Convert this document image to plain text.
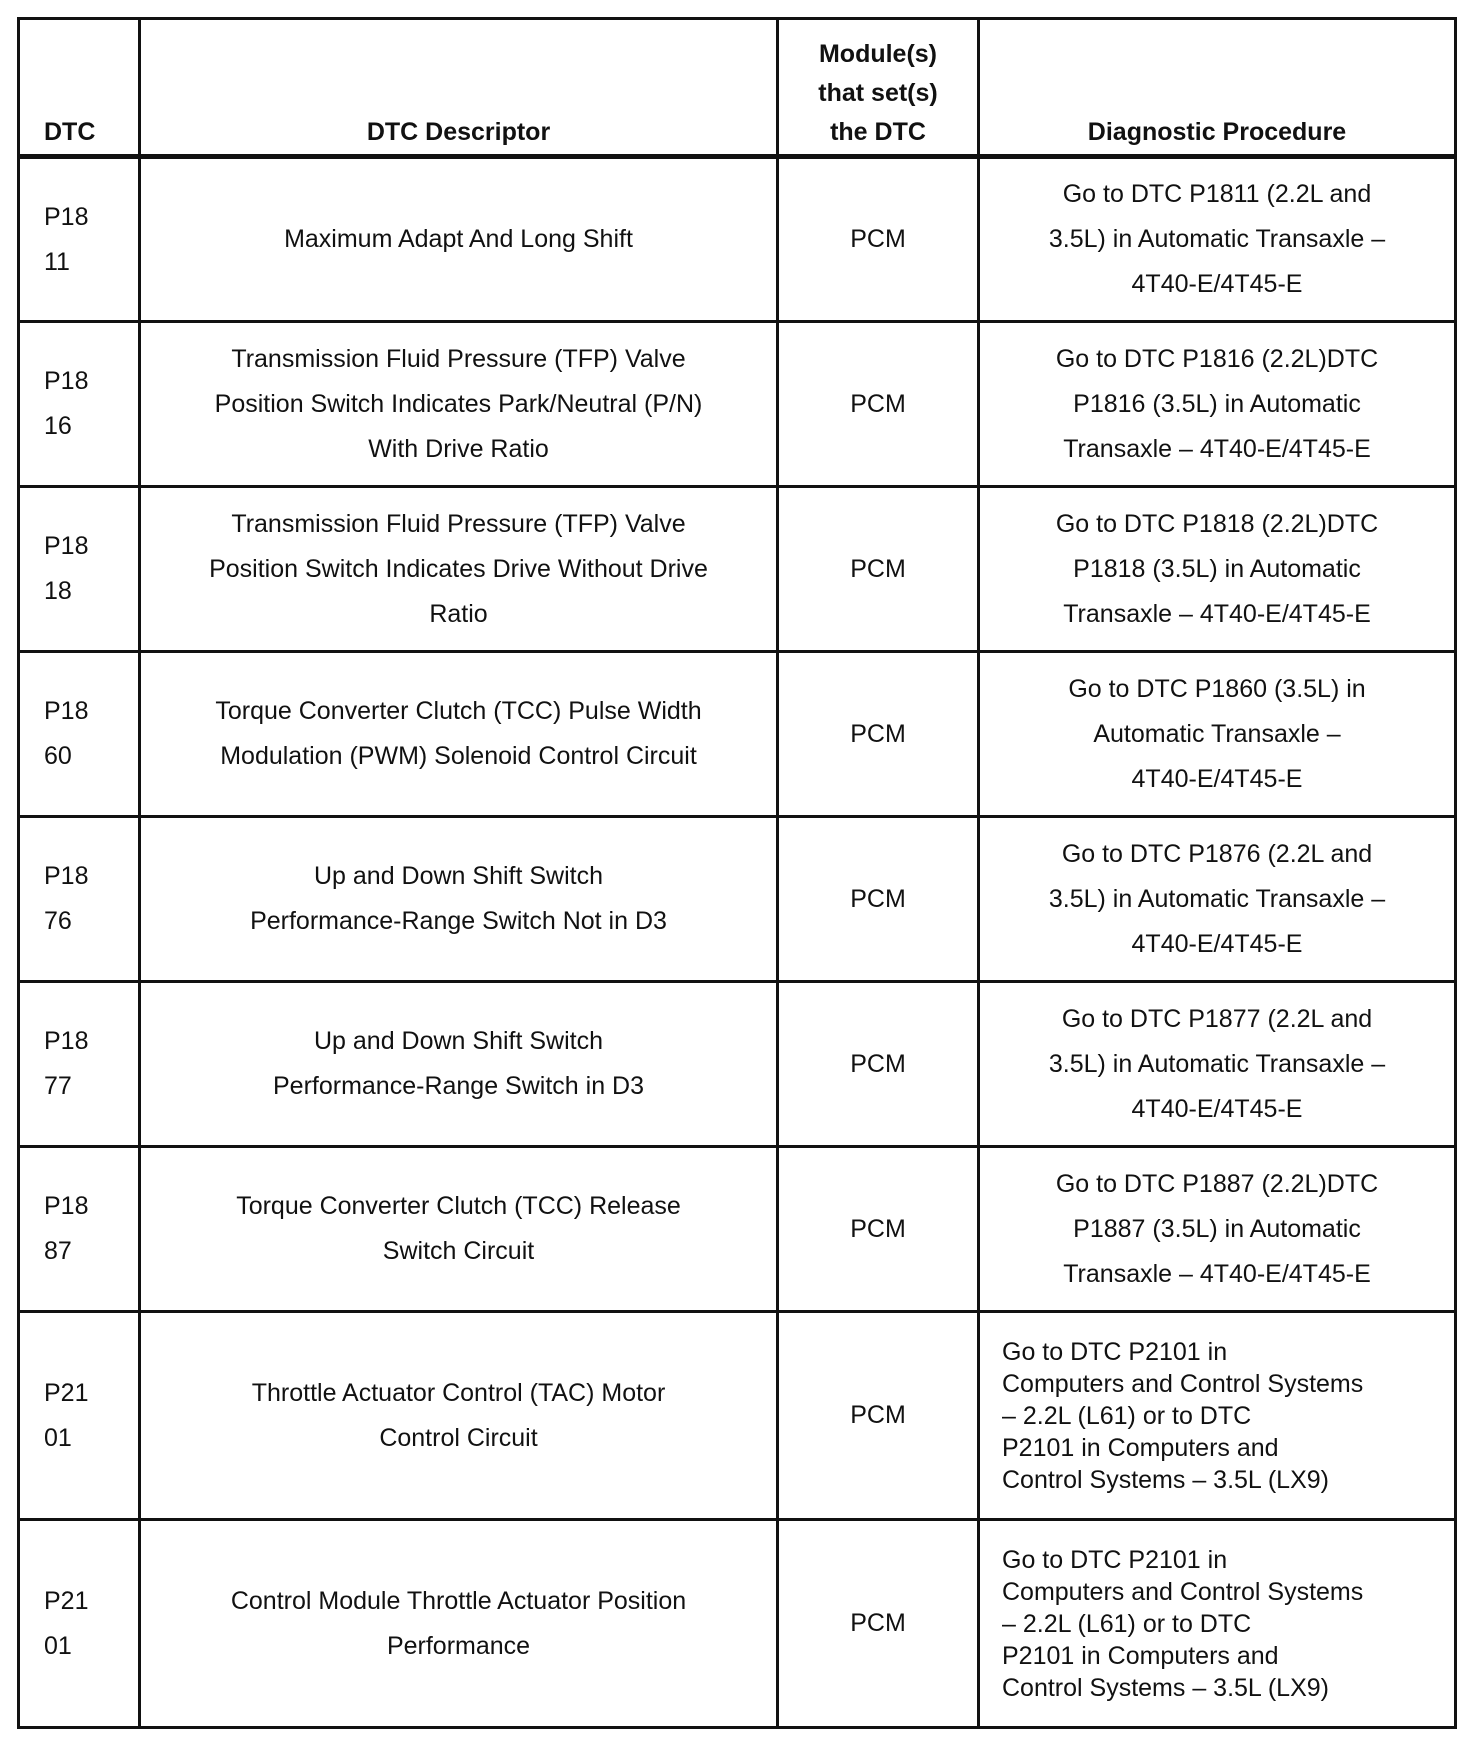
DTC	DTC Descriptor	Module(s)
that set(s)
the DTC	Diagnostic Procedure
P18
11	Maximum Adapt And Long Shift	PCM	Go to DTC P1811 (2.2L and
3.5L) in Automatic Transaxle –
4T40-E/4T45-E
P18
16	Transmission Fluid Pressure (TFP) Valve
Position Switch Indicates Park/Neutral (P/N)
With Drive Ratio	PCM	Go to DTC P1816 (2.2L)DTC
P1816 (3.5L) in Automatic
Transaxle – 4T40-E/4T45-E
P18
18	Transmission Fluid Pressure (TFP) Valve
Position Switch Indicates Drive Without Drive
Ratio	PCM	Go to DTC P1818 (2.2L)DTC
P1818 (3.5L) in Automatic
Transaxle – 4T40-E/4T45-E
P18
60	Torque Converter Clutch (TCC) Pulse Width
Modulation (PWM) Solenoid Control Circuit	PCM	Go to DTC P1860 (3.5L) in
Automatic Transaxle –
4T40-E/4T45-E
P18
76	Up and Down Shift Switch
Performance-Range Switch Not in D3	PCM	Go to DTC P1876 (2.2L and
3.5L) in Automatic Transaxle –
4T40-E/4T45-E
P18
77	Up and Down Shift Switch
Performance-Range Switch in D3	PCM	Go to DTC P1877 (2.2L and
3.5L) in Automatic Transaxle –
4T40-E/4T45-E
P18
87	Torque Converter Clutch (TCC) Release
Switch Circuit	PCM	Go to DTC P1887 (2.2L)DTC
P1887 (3.5L) in Automatic
Transaxle – 4T40-E/4T45-E
P21
01	Throttle Actuator Control (TAC) Motor
Control Circuit	PCM	Go to DTC P2101 in
Computers and Control Systems
– 2.2L (L61) or to DTC
P2101 in Computers and
Control Systems – 3.5L (LX9)
P21
01	Control Module Throttle Actuator Position
Performance	PCM	Go to DTC P2101 in
Computers and Control Systems
– 2.2L (L61) or to DTC
P2101 in Computers and
Control Systems – 3.5L (LX9)
